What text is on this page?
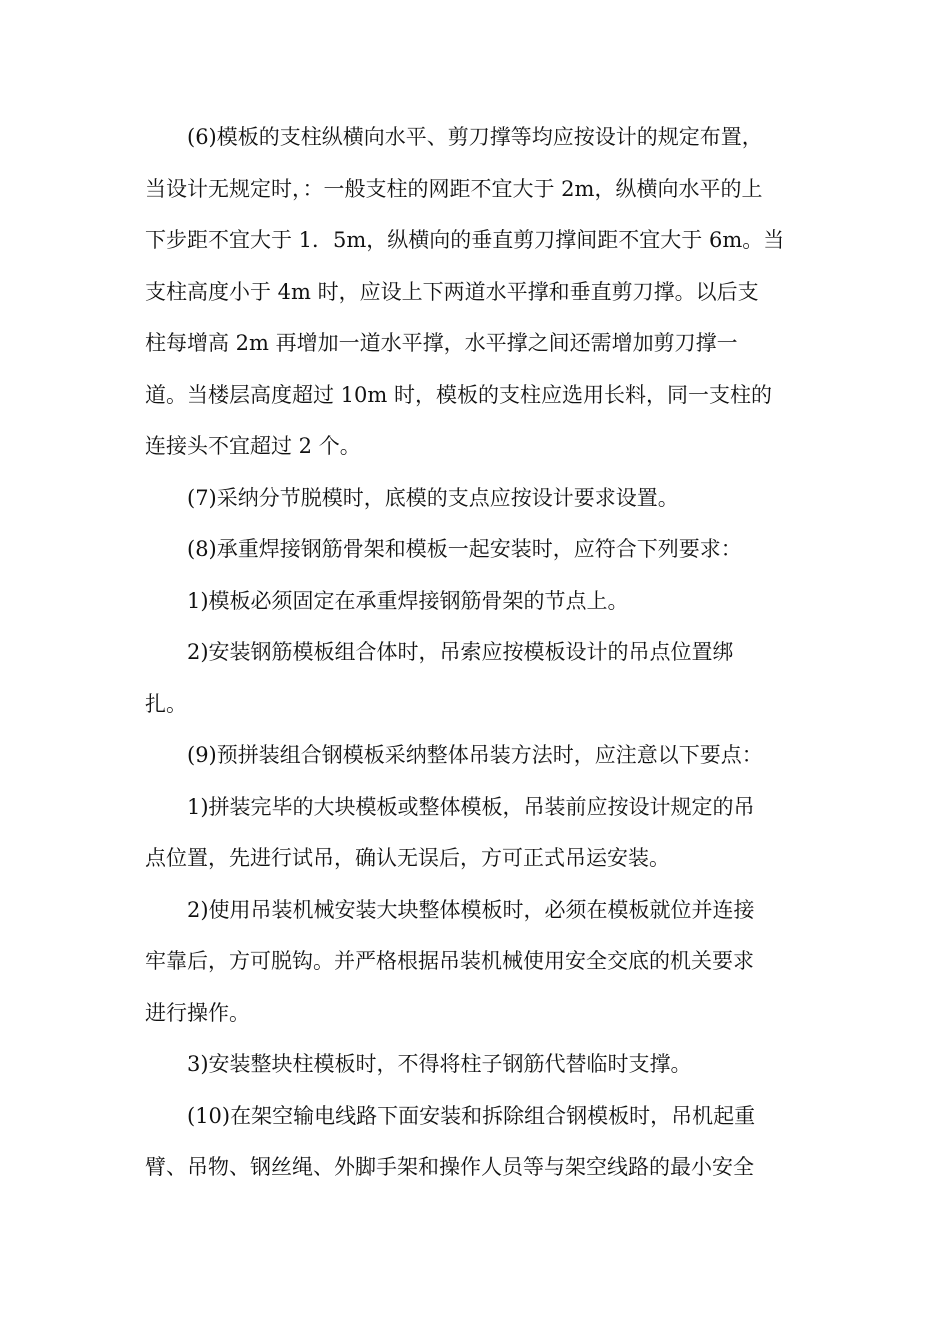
(6)模板的支柱纵横向水平、剪刀撑等均应按设计的规定布置，
当设计无规定时，：一般支柱的网距不宜大于 2m，纵横向水平的上
下步距不宜大于 1．5m，纵横向的垂直剪刀撑间距不宜大于 6m。当
支柱高度小于 4m 时，应设上下两道水平撑和垂直剪刀撑。以后支
柱每增高 2m 再增加一道水平撑，水平撑之间还需增加剪刀撑一
道。当楼层高度超过 10m 时，模板的支柱应选用长料，同一支柱的
连接头不宜超过 2 个。
(7)采纳分节脱模时，底模的支点应按设计要求设置。
(8)承重焊接钢筋骨架和模板一起安装时，应符合下列要求：
1)模板必须固定在承重焊接钢筋骨架的节点上。
2)安装钢筋模板组合体时，吊索应按模板设计的吊点位置绑
扎。
(9)预拼装组合钢模板采纳整体吊装方法时，应注意以下要点：
1)拼装完毕的大块模板或整体模板，吊装前应按设计规定的吊
点位置，先进行试吊，确认无误后，方可正式吊运安装。
2)使用吊装机械安装大块整体模板时，必须在模板就位并连接
牢靠后，方可脱钩。并严格根据吊装机械使用安全交底的机关要求
进行操作。
3)安装整块柱模板时，不得将柱子钢筋代替临时支撑。
(10)在架空输电线路下面安装和拆除组合钢模板时，吊机起重
臂、吊物、钢丝绳、外脚手架和操作人员等与架空线路的最小安全
